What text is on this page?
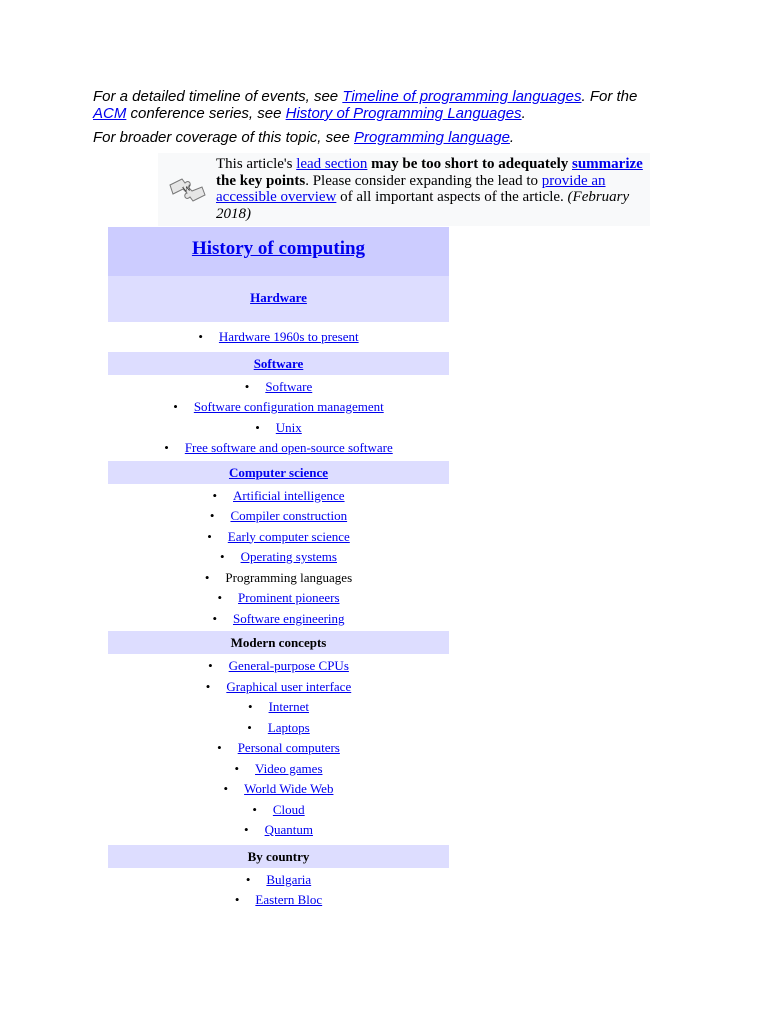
For a detailed timeline of events, see Timeline of programming languages. For the ACM conference series, see History of Programming Languages.
For broader coverage of this topic, see Programming language.
W
This article's lead section may be too short to adequately summarize the key points. Please consider expanding the lead to provide an accessible overview of all important aspects of the article. (February 2018)
History of computing
Hardware
• Hardware 1960s to present
Software
• Software
• Software configuration management
• Unix
• Free software and open-source software
Computer science
• Artificial intelligence
• Compiler construction
• Early computer science
• Operating systems
• Programming languages
• Prominent pioneers
• Software engineering
Modern concepts
• General-purpose CPUs
• Graphical user interface
• Internet
• Laptops
• Personal computers
• Video games
• World Wide Web
• Cloud
• Quantum
By country
• Bulgaria
• Eastern Bloc
